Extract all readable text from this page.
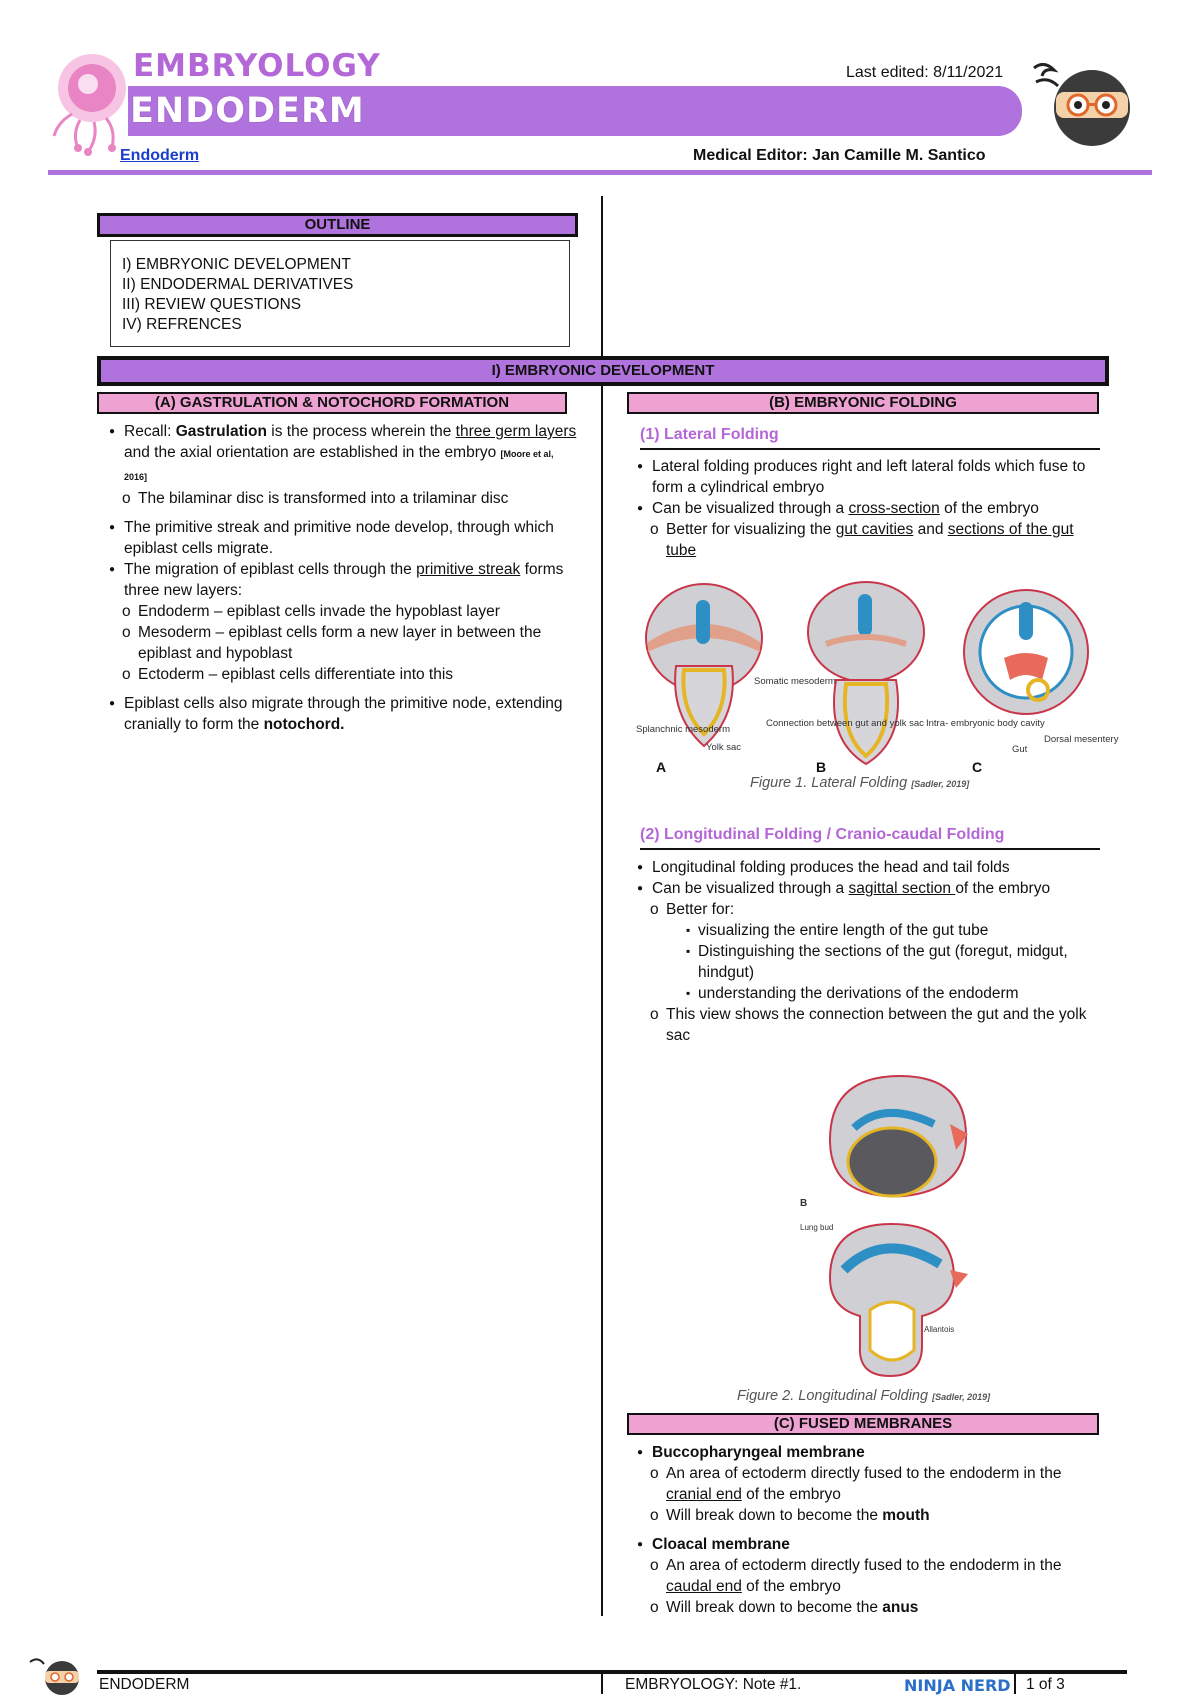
EMBRYOLOGY
ENDODERM
Last edited: 8/11/2021
Endoderm	Medical Editor: Jan Camille M. Santico
OUTLINE
I) EMBRYONIC DEVELOPMENT
II) ENDODERMAL DERIVATIVES
III) REVIEW QUESTIONS
IV) REFRENCES
I) EMBRYONIC DEVELOPMENT
(A) GASTRULATION & NOTOCHORD FORMATION
● Recall: Gastrulation is the process wherein the three germ layers and the axial orientation are established in the embryo [Moore et al, 2016]
o The bilaminar disc is transformed into a trilaminar disc
● The primitive streak and primitive node develop, through which epiblast cells migrate.
● The migration of epiblast cells through the primitive streak forms three new layers:
o Endoderm – epiblast cells invade the hypoblast layer
o Mesoderm – epiblast cells form a new layer in between the epiblast and hypoblast
o Ectoderm – epiblast cells differentiate into this
● Epiblast cells also migrate through the primitive node, extending cranially to form the notochord.
(B) EMBRYONIC FOLDING
(1) Lateral Folding
● Lateral folding produces right and left lateral folds which fuse to form a cylindrical embryo
● Can be visualized through a cross-section of the embryo
o Better for visualizing the gut cavities and sections of the gut tube
Somatic mesoderm
Splanchnic mesoderm
Yolk sac
Connection between gut and yolk sac Intra- embryonic body cavity
Gut
Dorsal mesentery
A	B	C
Figure 1. Lateral Folding [Sadler, 2019]
(2) Longitudinal Folding / Cranio-caudal Folding
● Longitudinal folding produces the head and tail folds
● Can be visualized through a sagittal section of the embryo
o Better for:
▪ visualizing the entire length of the gut tube
▪ Distinguishing the sections of the gut (foregut, midgut, hindgut)
▪ understanding the derivations of the endoderm
o This view shows the connection between the gut and the yolk sac
B
Lung bud
Allantois
Figure 2. Longitudinal Folding [Sadler, 2019]
(C) FUSED MEMBRANES
● Buccopharyngeal membrane
o An area of ectoderm directly fused to the endoderm in the cranial end of the embryo
o Will break down to become the mouth
● Cloacal membrane
o An area of ectoderm directly fused to the endoderm in the caudal end of the embryo
o Will break down to become the anus
ENDODERM	EMBRYOLOGY: Note #1.	NINJA NERD 1 of 3
